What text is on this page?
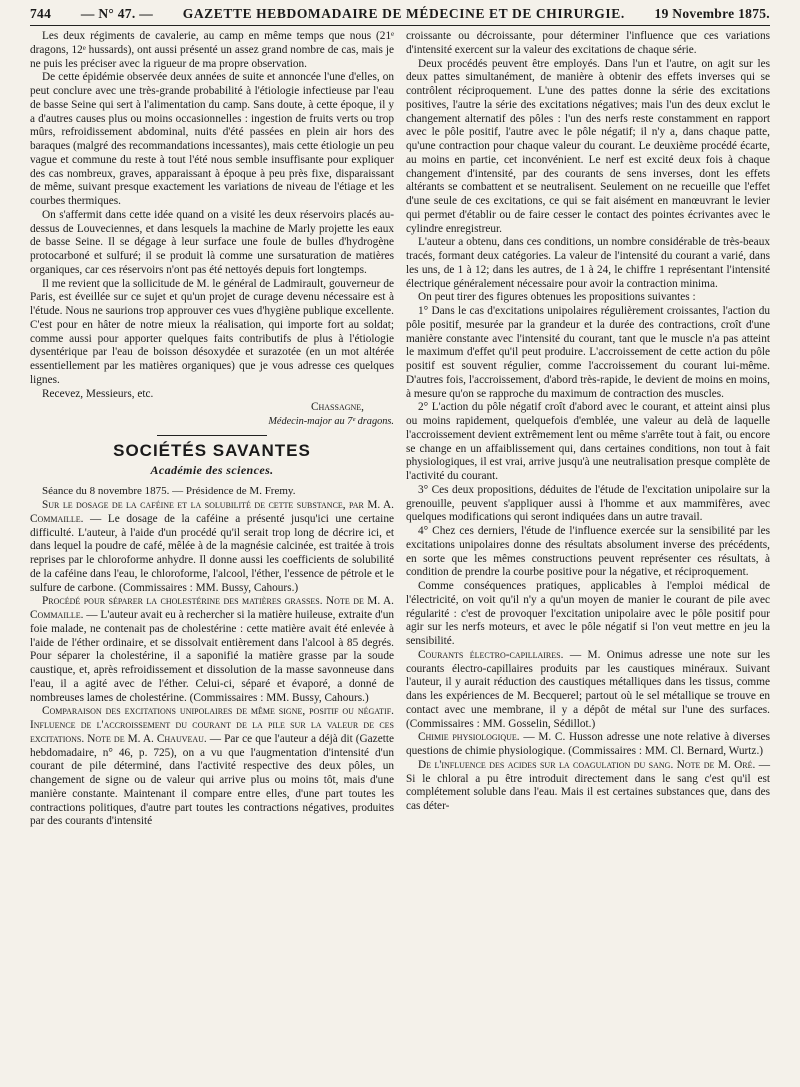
744 — N° 47. — GAZETTE HEBDOMADAIRE DE MÉDECINE ET DE CHIRURGIE. 19 Novembre 1875.

Les deux régiments de cavalerie, au camp en même temps que nous (21ᵉ dragons, 12ᵉ hussards), ont aussi présenté un assez grand nombre de cas, mais je ne puis les préciser avec la rigueur de ma propre observation.

De cette épidémie observée deux années de suite et annoncée l'une d'elles, on peut conclure avec une très-grande probabilité à l'étiologie infectieuse par l'eau de basse Seine qui sert à l'alimentation du camp. Sans doute, à cette époque, il y a d'autres causes plus ou moins occasionnelles : ingestion de fruits verts ou trop mûrs, refroidissement abdominal, nuits d'été passées en plein air hors des baraques (malgré des recommandations incessantes), mais cette étiologie un peu vague et commune du reste à tout l'été nous semble insuffisante pour expliquer des cas nombreux, graves, apparaissant à époque à peu près fixe, disparaissant de même, suivant presque exactement les variations de niveau de l'étiage et les courbes thermiques.

On s'affermit dans cette idée quand on a visité les deux réservoirs placés au-dessus de Louveciennes, et dans lesquels la machine de Marly projette les eaux de basse Seine. Il se dégage à leur surface une foule de bulles d'hydrogène protocarboné et sulfuré; il se produit là comme une sursaturation de matières organiques, car ces réservoirs n'ont pas été nettoyés depuis fort longtemps.

Il me revient que la sollicitude de M. le général de Ladmirault, gouverneur de Paris, est éveillée sur ce sujet et qu'un projet de curage devenu nécessaire est à l'étude. Nous ne saurions trop approuver ces vues d'hygiène publique excellente. C'est pour en hâter de notre mieux la réalisation, qui importe fort au soldat; comme aussi pour apporter quelques faits contributifs de plus à l'étiologie dysentérique par l'eau de boisson désoxydée et surazotée (en un mot altérée essentiellement par les matières organiques) que je vous adresse ces quelques lignes.

Recevez, Messieurs, etc.

Chassagne,
Médecin-major au 7ᵉ dragons.
SOCIÉTÉS SAVANTES
Académie des sciences.

Séance du 8 novembre 1875. — Présidence de M. Fremy.

Sur le dosage de la caféine et la solubilité de cette substance, par M. A. Commaille. — Le dosage de la caféine a présenté jusqu'ici une certaine difficulté. L'auteur, à l'aide d'un procédé qu'il serait trop long de décrire ici, et dans lequel la poudre de café, mêlée à de la magnésie calcinée, est traitée à trois reprises par le chloroforme anhydre. Il donne aussi les coefficients de solubilité de la caféine dans l'eau, le chloroforme, l'alcool, l'éther, l'essence de pétrole et le sulfure de carbone. (Commissaires : MM. Bussy, Cahours.)

Procédé pour séparer la cholestérine des matières grasses. Note de M. A. Commaille. — L'auteur avait eu à rechercher si la matière huileuse, extraite d'un foie malade, ne contenait pas de cholestérine : cette matière avait été enlevée à l'aide de l'éther ordinaire, et se dissolvait entièrement dans l'alcool à 85 degrés. Pour séparer la cholestérine, il a saponifié la matière grasse par la soude caustique, et, après refroidissement et dissolution de la masse savonneuse dans l'eau, il a agité avec de l'éther. Celui-ci, séparé et évaporé, a donné de nombreuses lames de cholestérine. (Commissaires : MM. Bussy, Cahours.)

Comparaison des excitations unipolaires de même signe, positif ou négatif. Influence de l'accroissement du courant de la pile sur la valeur de ces excitations. Note de M. A. Chauveau. — Par ce que l'auteur a déjà dit (Gazette hebdomadaire, n° 46, p. 725), on a vu que l'augmentation d'intensité d'un courant de pile déterminé, dans l'activité respective des deux pôles, un changement de signe ou de valeur qui arrive plus ou moins tôt, mais d'une manière constante. Maintenant il compare entre elles, d'une part toutes les contractions politiques, d'autre part toutes les contractions négatives, produites par des courants d'intensité

croissante ou décroissante, pour déterminer l'influence que ces variations d'intensité exercent sur la valeur des excitations de chaque série.

Deux procédés peuvent être employés. Dans l'un et l'autre, on agit sur les deux pattes simultanément, de manière à obtenir des effets inverses qui se contrôlent réciproquement. L'une des pattes donne la série des excitations positives, l'autre la série des excitations négatives; mais l'un des deux exclut le changement alternatif des pôles : l'un des nerfs reste constamment en rapport avec le pôle positif, l'autre avec le pôle négatif; il n'y a, dans chaque patte, qu'une contraction pour chaque valeur du courant. Le deuxième procédé écarte, au moins en partie, cet inconvénient. Le nerf est excité deux fois à chaque changement d'intensité, par des courants de sens inverses, dont les effets altérants se combattent et se neutralisent. Seulement on ne recueille que l'effet d'une seule de ces excitations, ce qui se fait aisément en manœuvrant le levier qui permet d'établir ou de faire cesser le contact des pointes écrivantes avec le cylindre enregistreur.

L'auteur a obtenu, dans ces conditions, un nombre considérable de très-beaux tracés, formant deux catégories. La valeur de l'intensité du courant a varié, dans les uns, de 1 à 12; dans les autres, de 1 à 24, le chiffre 1 représentant l'intensité électrique généralement nécessaire pour avoir la contraction minima.

On peut tirer des figures obtenues les propositions suivantes :

1° Dans le cas d'excitations unipolaires régulièrement croissantes, l'action du pôle positif, mesurée par la grandeur et la durée des contractions, croît d'une manière constante avec l'intensité du courant, tant que le muscle n'a pas atteint le maximum d'effet qu'il peut produire. L'accroissement de cette action du pôle positif est souvent régulier, comme l'accroissement du courant lui-même. D'autres fois, l'accroissement, d'abord très-rapide, le devient de moins en moins, à mesure qu'on se rapproche du maximum de contraction des muscles.

2° L'action du pôle négatif croît d'abord avec le courant, et atteint ainsi plus ou moins rapidement, quelquefois d'emblée, une valeur au delà de laquelle l'accroissement devient extrêmement lent ou même s'arrête tout à fait, ou encore se change en un affaiblissement qui, dans certaines conditions, non tout à fait physiologiques, il est vrai, arrive jusqu'à une neutralisation presque complète de l'activité du courant.

3° Ces deux propositions, déduites de l'étude de l'excitation unipolaire sur la grenouille, peuvent s'appliquer aussi à l'homme et aux mammifères, avec quelques modifications qui seront indiquées dans un autre travail.

4° Chez ces derniers, l'étude de l'influence exercée sur la sensibilité par les excitations unipolaires donne des résultats absolument inverse des précédents, en sorte que les mêmes constructions peuvent représenter ces résultats, à condition de prendre la courbe positive pour la négative, et réciproquement.

Comme conséquences pratiques, applicables à l'emploi médical de l'électricité, on voit qu'il n'y a qu'un moyen de manier le courant de pile avec régularité : c'est de provoquer l'excitation unipolaire avec le pôle positif pour agir sur les nerfs moteurs, et avec le pôle négatif si l'on veut mettre en jeu la sensibilité.

Courants électro-capillaires. — M. Onimus adresse une note sur les courants électro-capillaires produits par les caustiques minéraux. Suivant l'auteur, il y aurait réduction des caustiques métalliques dans les tissus, comme dans les expériences de M. Becquerel; partout où le sel métallique se trouve en contact avec une membrane, il y a dépôt de métal sur l'une des surfaces. (Commissaires : MM. Gosselin, Sédillot.)

Chimie physiologique. — M. C. Husson adresse une note relative à diverses questions de chimie physiologique. (Commissaires : MM. Cl. Bernard, Wurtz.)

De l'influence des acides sur la coagulation du sang. Note de M. Oré. — Si le chloral a pu être introduit directement dans le sang c'est qu'il est complétement soluble dans l'eau. Mais il est certaines substances que, dans des cas déter-
